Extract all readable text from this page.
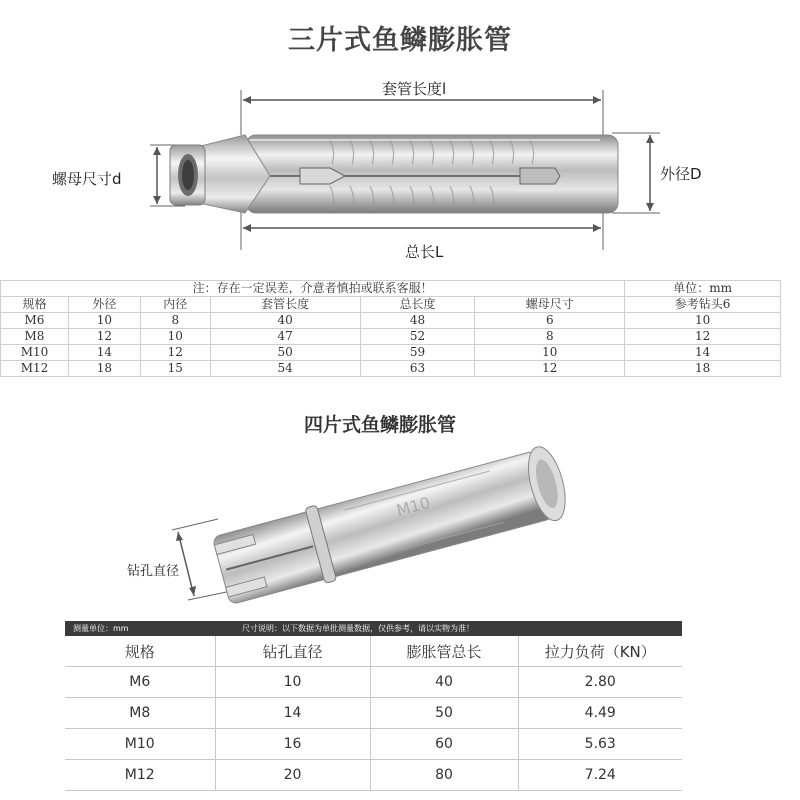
三片式鱼鳞膨胀管
套管长度l
螺母尺寸d	外径D
总长L
注：存在一定误差，介意者慎拍或联系客服！						单位：mm
规格	外径	内径	套管长度	总长度	螺母尺寸	参考钻头6
M6	10	8	40	48	6	10
M8	12	10	47	52	8	12
M10	14	12	50	59	10	14
M12	18	15	54	63	12	18
四片式鱼鳞膨胀管
M10
钻孔直径
测量单位：mm	尺寸说明：以下数据为单批测量数据，仅供参考，请以实物为准！
规格	钻孔直径	膨胀管总长	拉力负荷（KN）
M6	10	40	2.80
M8	14	50	4.49
M10	16	60	5.63
M12	20	80	7.24
